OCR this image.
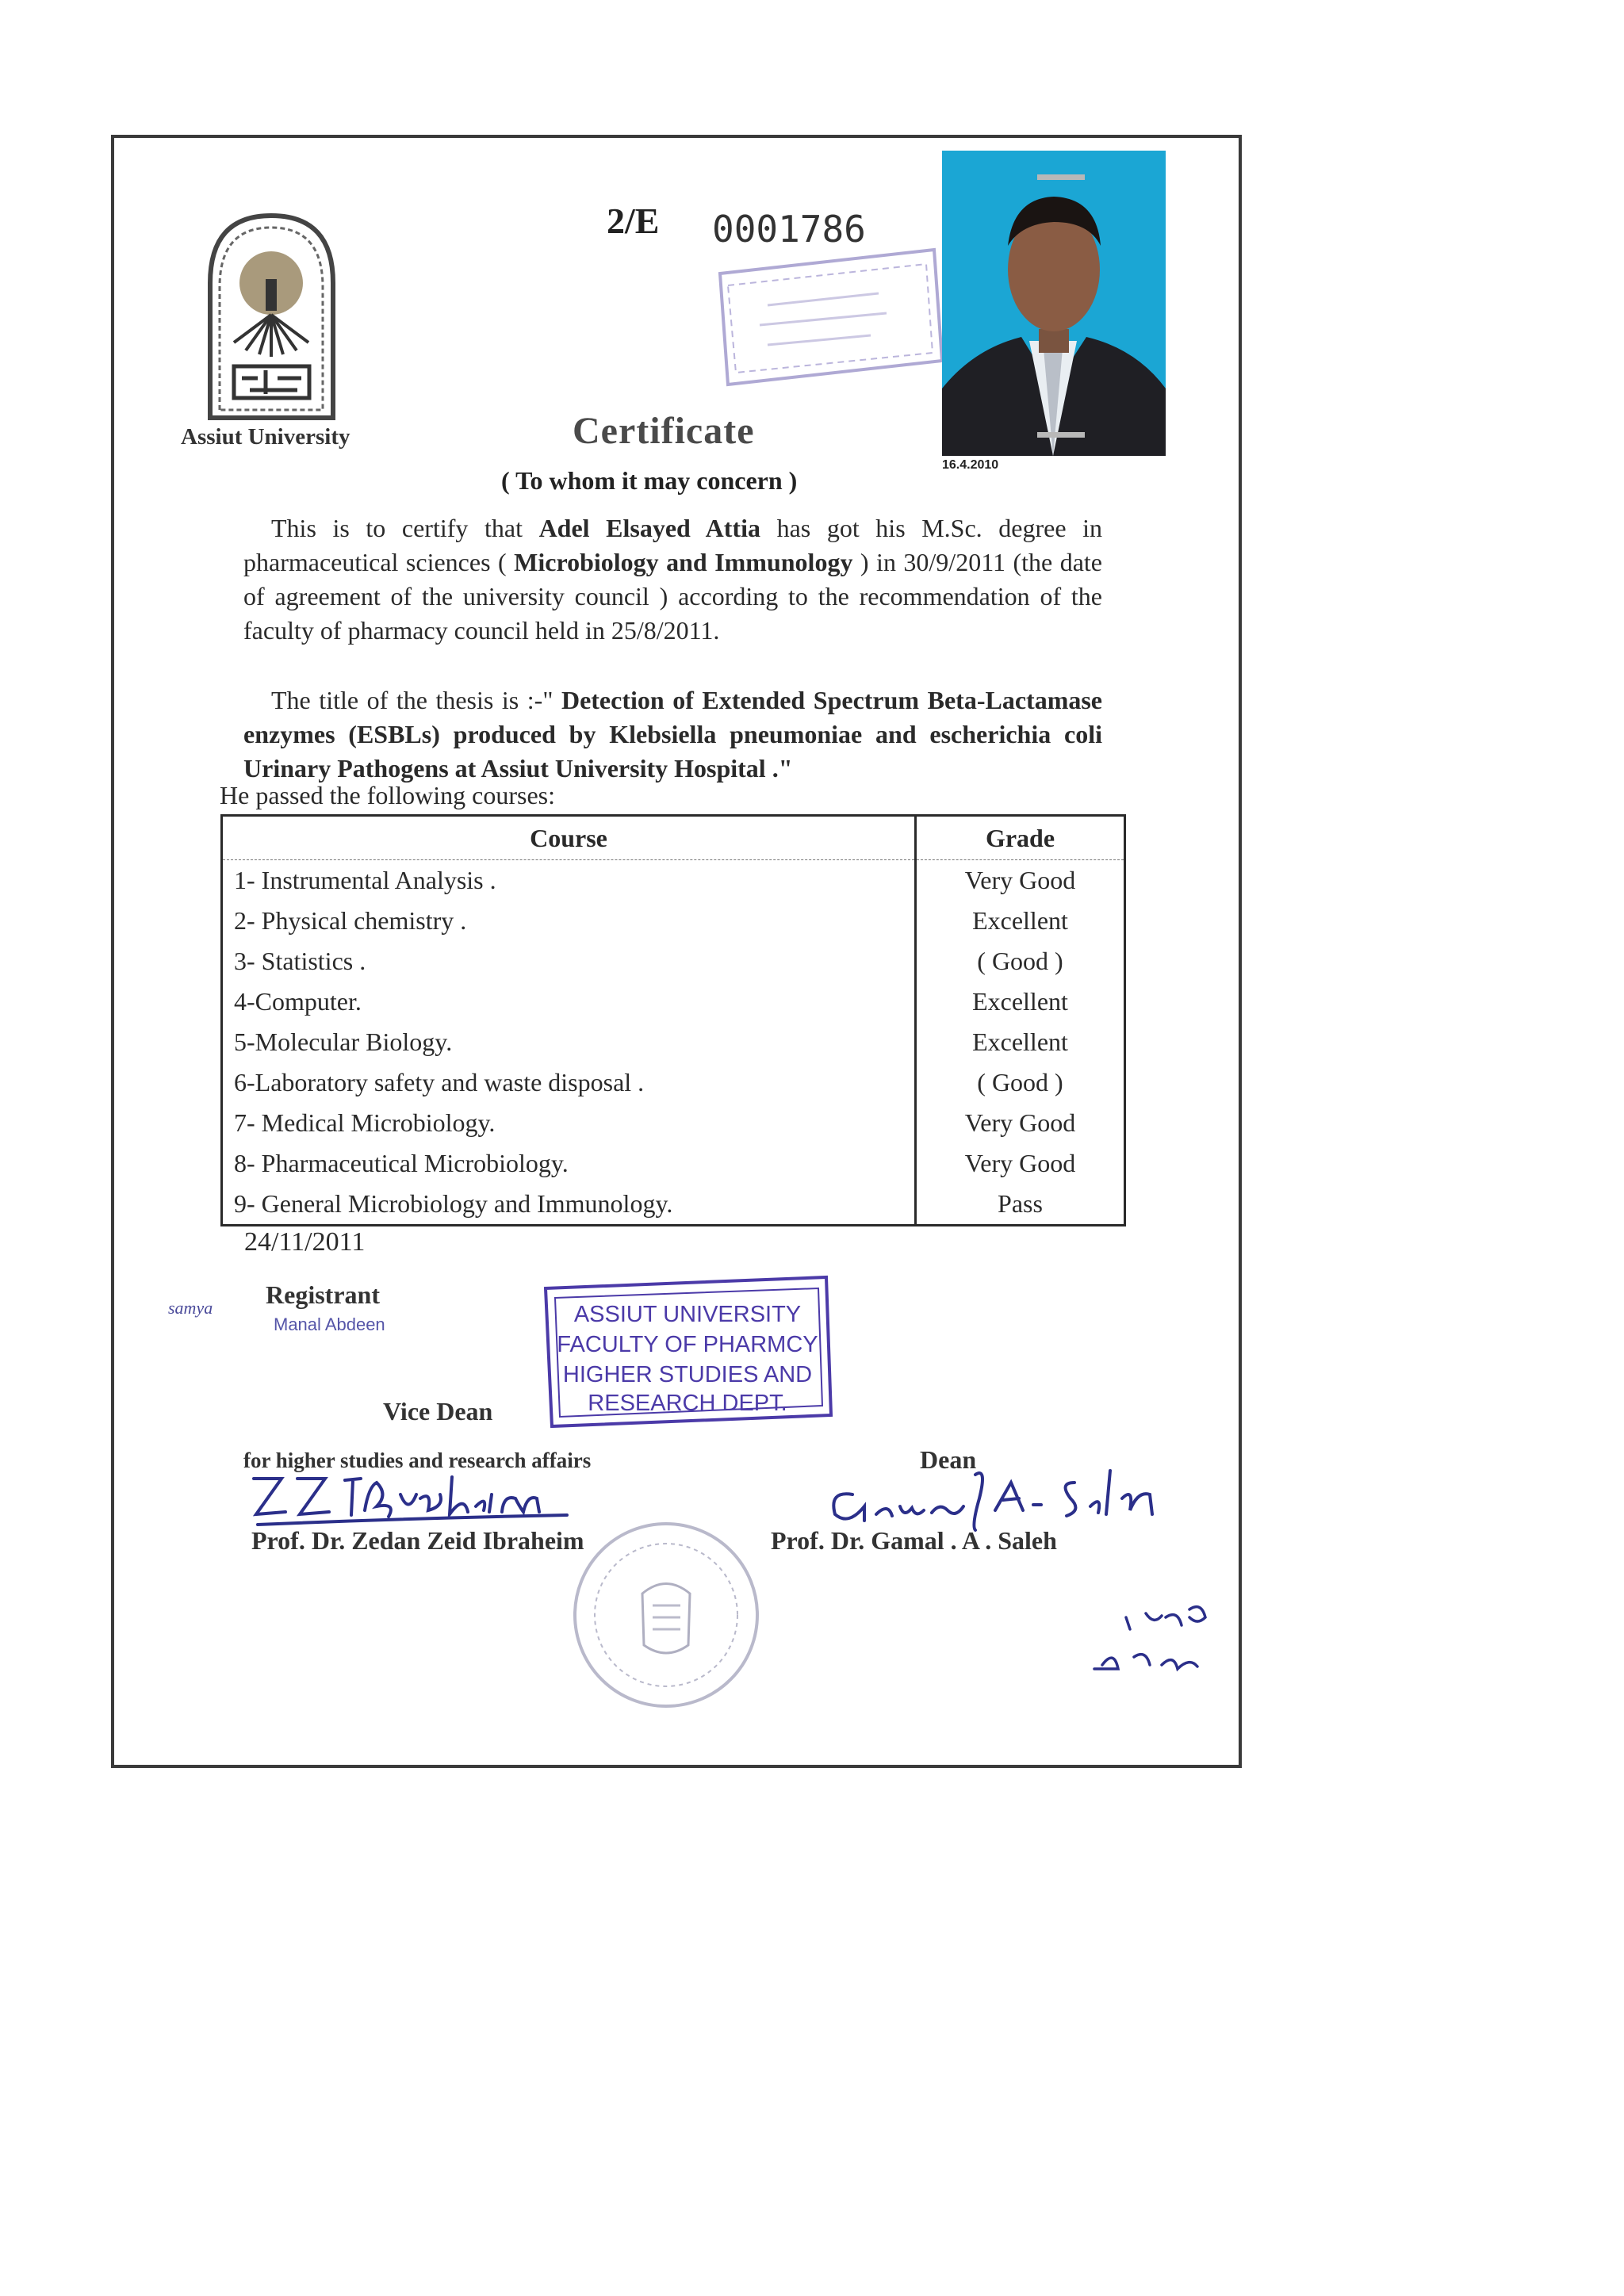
Assiut University
2/E 0001786
16.4.2010
Certificate
( To whom it may concern )
This is to certify that Adel Elsayed Attia has got his M.Sc. degree in pharmaceutical sciences ( Microbiology and Immunology ) in 30/9/2011 (the date of agreement of the university council ) according to the recommendation of the faculty of pharmacy council held in 25/8/2011.
The title of the thesis is :-" Detection of Extended Spectrum Beta-Lactamase enzymes (ESBLs) produced by Klebsiella pneumoniae and escherichia coli Urinary Pathogens at Assiut University Hospital ."
He passed the following courses:
Course	Grade
1- Instrumental Analysis .	Very Good
2- Physical chemistry .	Excellent
3- Statistics .	( Good )
4-Computer.	Excellent
5-Molecular Biology.	Excellent
6-Laboratory safety and waste disposal .	( Good )
7- Medical Microbiology.	Very Good
8- Pharmaceutical Microbiology.	Very Good
9- General Microbiology and Immunology.	Pass
24/11/2011
samya Registrant
Manal Abdeen	ASSIUT UNIVERSITY
FACULTY OF PHARMCY
HIGHER STUDIES AND
RESEARCH DEPT.
Vice Dean
for higher studies and research affairs	Dean
Prof. Dr. Zedan Zeid Ibraheim	Prof. Dr. Gamal . A . Saleh
